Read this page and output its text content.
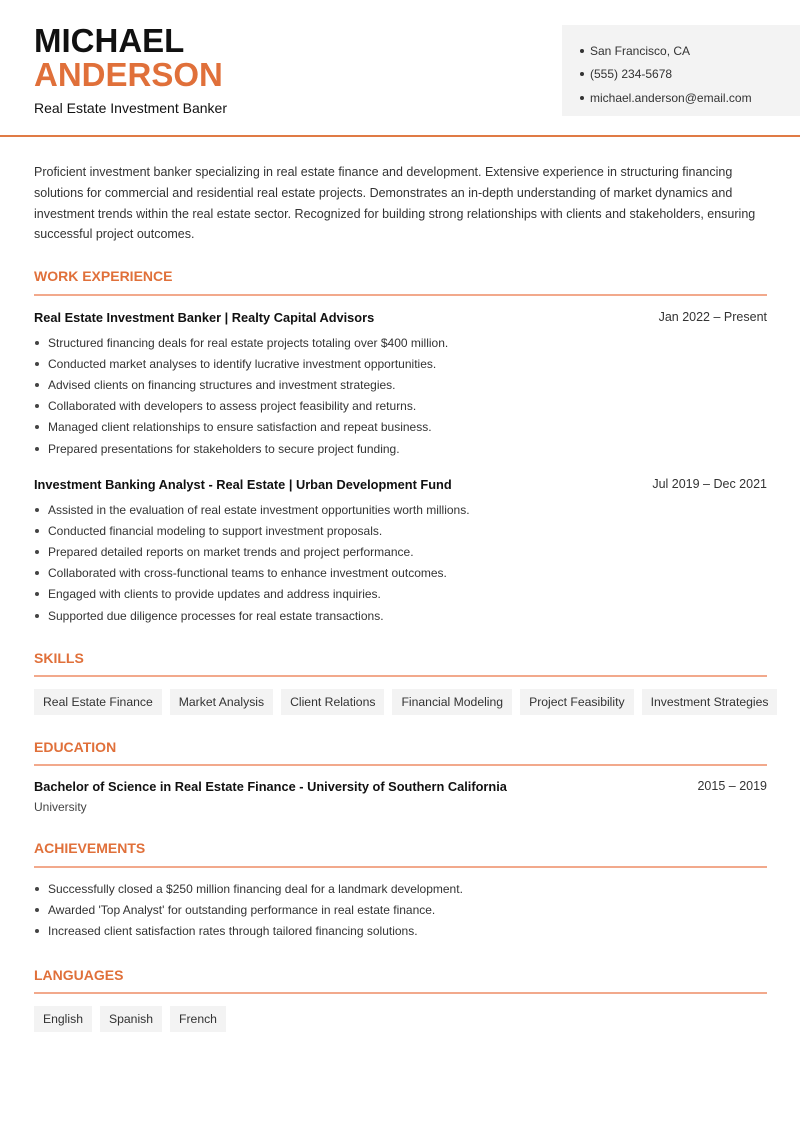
MICHAEL
ANDERSON
Real Estate Investment Banker
San Francisco, CA
(555) 234-5678
michael.anderson@email.com
Proficient investment banker specializing in real estate finance and development. Extensive experience in structuring financing solutions for commercial and residential real estate projects. Demonstrates an in-depth understanding of market dynamics and investment trends within the real estate sector. Recognized for building strong relationships with clients and stakeholders, ensuring successful project outcomes.
WORK EXPERIENCE
Real Estate Investment Banker | Realty Capital Advisors	Jan 2022 – Present
Structured financing deals for real estate projects totaling over $400 million.
Conducted market analyses to identify lucrative investment opportunities.
Advised clients on financing structures and investment strategies.
Collaborated with developers to assess project feasibility and returns.
Managed client relationships to ensure satisfaction and repeat business.
Prepared presentations for stakeholders to secure project funding.
Investment Banking Analyst - Real Estate | Urban Development Fund	Jul 2019 – Dec 2021
Assisted in the evaluation of real estate investment opportunities worth millions.
Conducted financial modeling to support investment proposals.
Prepared detailed reports on market trends and project performance.
Collaborated with cross-functional teams to enhance investment outcomes.
Engaged with clients to provide updates and address inquiries.
Supported due diligence processes for real estate transactions.
SKILLS
Real Estate Finance	Market Analysis	Client Relations	Financial Modeling	Project Feasibility	Investment Strategies
EDUCATION
Bachelor of Science in Real Estate Finance - University of Southern California	2015 – 2019
University
ACHIEVEMENTS
Successfully closed a $250 million financing deal for a landmark development.
Awarded 'Top Analyst' for outstanding performance in real estate finance.
Increased client satisfaction rates through tailored financing solutions.
LANGUAGES
English	Spanish	French
